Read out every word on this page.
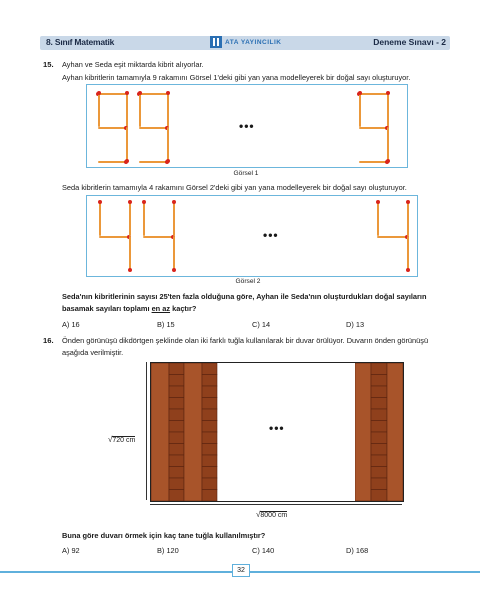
8. Sınıf Matematik	ATA YAYINCILIK	Deneme Sınavı - 2
15. Ayhan ve Seda eşit miktarda kibrit alıyorlar.
Ayhan kibritlerin tamamıyla 9 rakamını Görsel 1'deki gibi yan yana modelleyerek bir doğal sayı oluşturuyor.
•••
Görsel 1
Seda kibritlerin tamamıyla 4 rakamını Görsel 2'deki gibi yan yana modelleyerek bir doğal sayı oluşturuyor.
•••
Görsel 2
Seda'nın kibritlerinin sayısı 25'ten fazla olduğuna göre, Ayhan ile Seda'nın oluşturdukları doğal sayıların
basamak sayıları toplamı en az kaçtır?
A) 16	B) 15	C) 14	D) 13
16. Önden görünüşü dikdörtgen şeklinde olan iki farklı tuğla kullanılarak bir duvar örülüyor. Duvarın önden görünüşü
aşağıda verilmiştir.
•••
√720 cm
√8000 cm
Buna göre duvarı örmek için kaç tane tuğla kullanılmıştır?
A) 92	B) 120	C) 140	D) 168
32
